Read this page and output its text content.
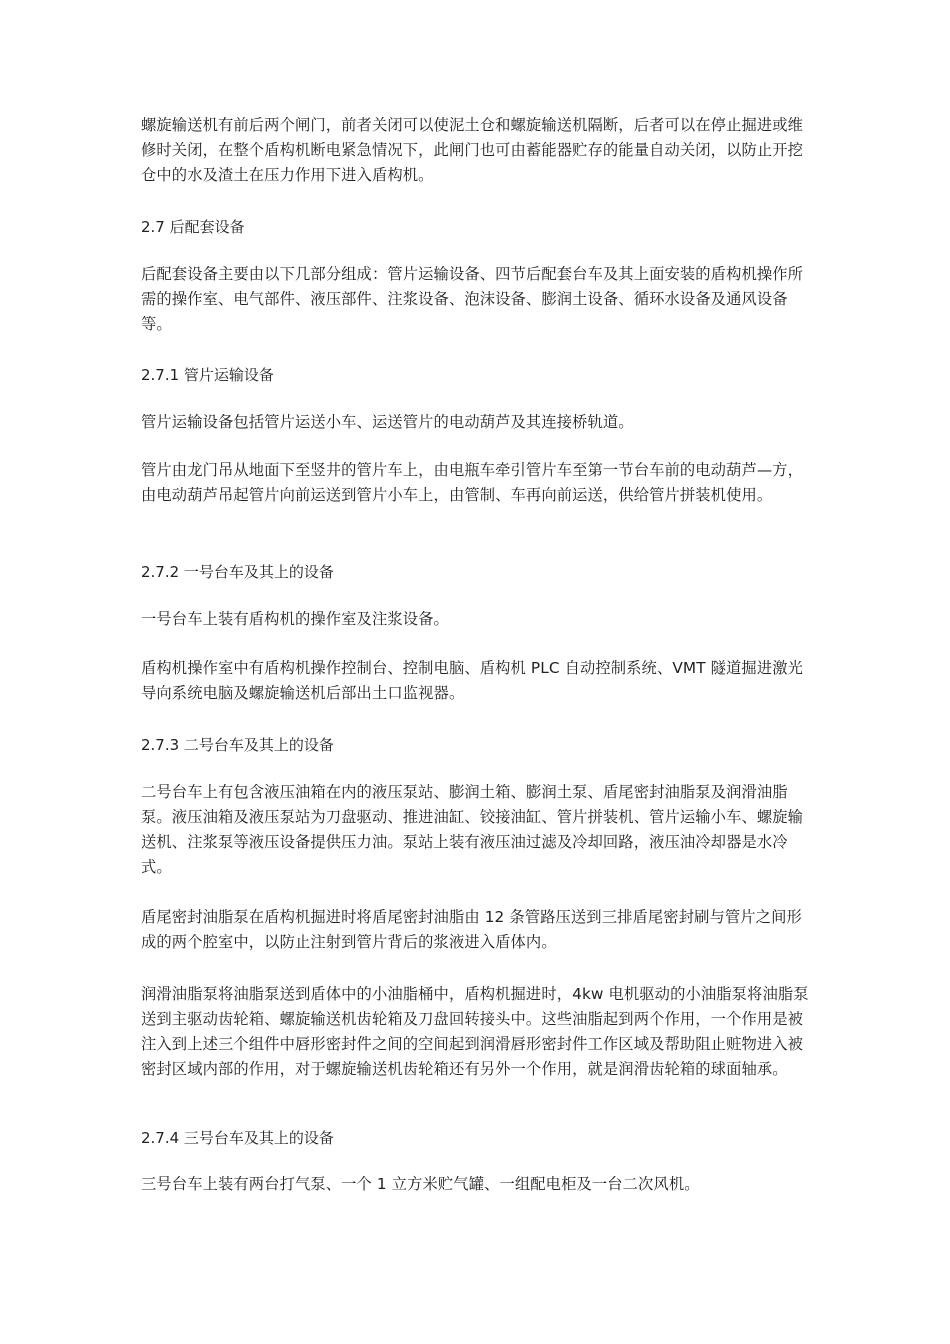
螺旋输送机有前后两个闸门，前者关闭可以使泥土仓和螺旋输送机隔断，后者可以在停止掘进或维修时关闭，在整个盾构机断电紧急情况下，此闸门也可由蓄能器贮存的能量自动关闭，以防止开挖仓中的水及渣土在压力作用下进入盾构机。

2.7 后配套设备

后配套设备主要由以下几部分组成：管片运输设备、四节后配套台车及其上面安装的盾构机操作所需的操作室、电气部件、液压部件、注浆设备、泡沫设备、膨润土设备、循环水设备及通风设备等。

2.7.1 管片运输设备

管片运输设备包括管片运送小车、运送管片的电动葫芦及其连接桥轨道。

管片由龙门吊从地面下至竖井的管片车上，由电瓶车牵引管片车至第一节台车前的电动葫芦—方，由电动葫芦吊起管片向前运送到管片小车上，由管制、车再向前运送，供给管片拼装机使用。

2.7.2 一号台车及其上的设备

一号台车上装有盾构机的操作室及注浆设备。

盾构机操作室中有盾构机操作控制台、控制电脑、盾构机 PLC 自动控制系统、VMT 隧道掘进激光导向系统电脑及螺旋输送机后部出土口监视器。

2.7.3 二号台车及其上的设备

二号台车上有包含液压油箱在内的液压泵站、膨润土箱、膨润土泵、盾尾密封油脂泵及润滑油脂泵。液压油箱及液压泵站为刀盘驱动、推进油缸、铰接油缸、管片拼装机、管片运输小车、螺旋输送机、注浆泵等液压设备提供压力油。泵站上装有液压油过滤及冷却回路，液压油冷却器是水冷式。

盾尾密封油脂泵在盾构机掘进时将盾尾密封油脂由 12 条管路压送到三排盾尾密封刷与管片之间形成的两个腔室中，以防止注射到管片背后的浆液进入盾体内。

润滑油脂泵将油脂泵送到盾体中的小油脂桶中，盾构机掘进时，4kw 电机驱动的小油脂泵将油脂泵送到主驱动齿轮箱、螺旋输送机齿轮箱及刀盘回转接头中。这些油脂起到两个作用，一个作用是被注入到上述三个组件中唇形密封件之间的空间起到润滑唇形密封件工作区域及帮助阻止赃物进入被密封区域内部的作用，对于螺旋输送机齿轮箱还有另外一个作用，就是润滑齿轮箱的球面轴承。

2.7.4 三号台车及其上的设备

三号台车上装有两台打气泵、一个 1 立方米贮气罐、一组配电柜及一台二次风机。
